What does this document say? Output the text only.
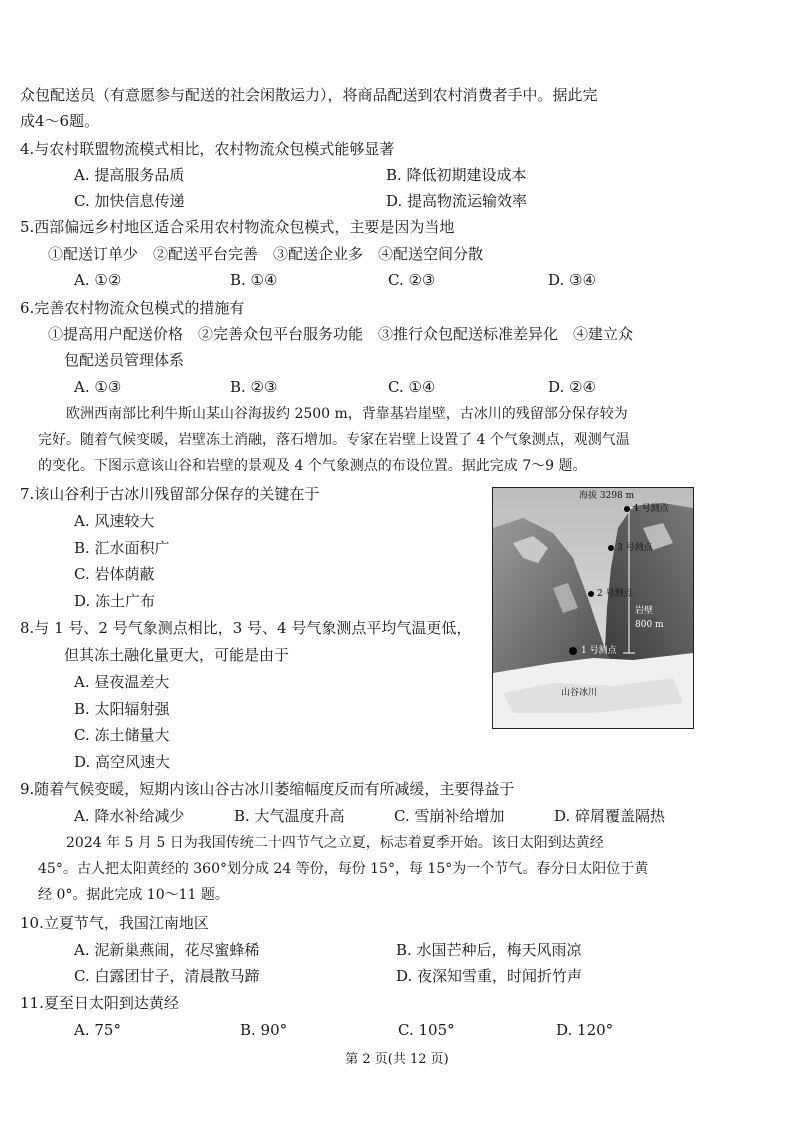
众包配送员（有意愿参与配送的社会闲散运力），将商品配送到农村消费者手中。据此完
成4～6题。
4.与农村联盟物流模式相比，农村物流众包模式能够显著
A. 提高服务品质	B. 降低初期建设成本
C. 加快信息传递	D. 提高物流运输效率
5.西部偏远乡村地区适合采用农村物流众包模式，主要是因为当地
①配送订单少　②配送平台完善　③配送企业多　④配送空间分散
A. ①②	B. ①④	C. ②③	D. ③④
6.完善农村物流众包模式的措施有
①提高用户配送价格　②完善众包平台服务功能　③推行众包配送标准差异化　④建立众
包配送员管理体系
A. ①③	B. ②③	C. ①④	D. ②④
欧洲西南部比利牛斯山某山谷海拔约 2500 m，背靠基岩崖壁，古冰川的残留部分保存较为
完好。随着气候变暖，岩壁冻土消融，落石增加。专家在岩壁上设置了 4 个气象测点，观测气温
的变化。下图示意该山谷和岩壁的景观及 4 个气象测点的布设位置。据此完成 7～9 题。
7.该山谷利于古冰川残留部分保存的关键在于
A. 风速较大
B. 汇水面积广
C. 岩体荫蔽
D. 冻土广布
8.与 1 号、2 号气象测点相比，3 号、4 号气象测点平均气温更低，
但其冻土融化量更大，可能是由于
A. 昼夜温差大
B. 太阳辐射强
C. 冻土储量大
D. 高空风速大
海拔 3298 m
4 号测点
3 号测点
2 号测点
岩壁
800 m
1 号测点
山谷冰川
9.随着气候变暖，短期内该山谷古冰川萎缩幅度反而有所减缓，主要得益于
A. 降水补给减少	B. 大气温度升高	C. 雪崩补给增加	D. 碎屑覆盖隔热
2024 年 5 月 5 日为我国传统二十四节气之立夏，标志着夏季开始。该日太阳到达黄经
45°。古人把太阳黄经的 360°划分成 24 等份，每份 15°，每 15°为一个节气。春分日太阳位于黄
经 0°。据此完成 10～11 题。
10.立夏节气，我国江南地区
A. 泥新巢燕闹，花尽蜜蜂稀	B. 水国芒种后，梅天风雨凉
C. 白露团甘子，清晨散马蹄	D. 夜深知雪重，时闻折竹声
11.夏至日太阳到达黄经
A. 75°	B. 90°	C. 105°	D. 120°
第 2 页(共 12 页)
